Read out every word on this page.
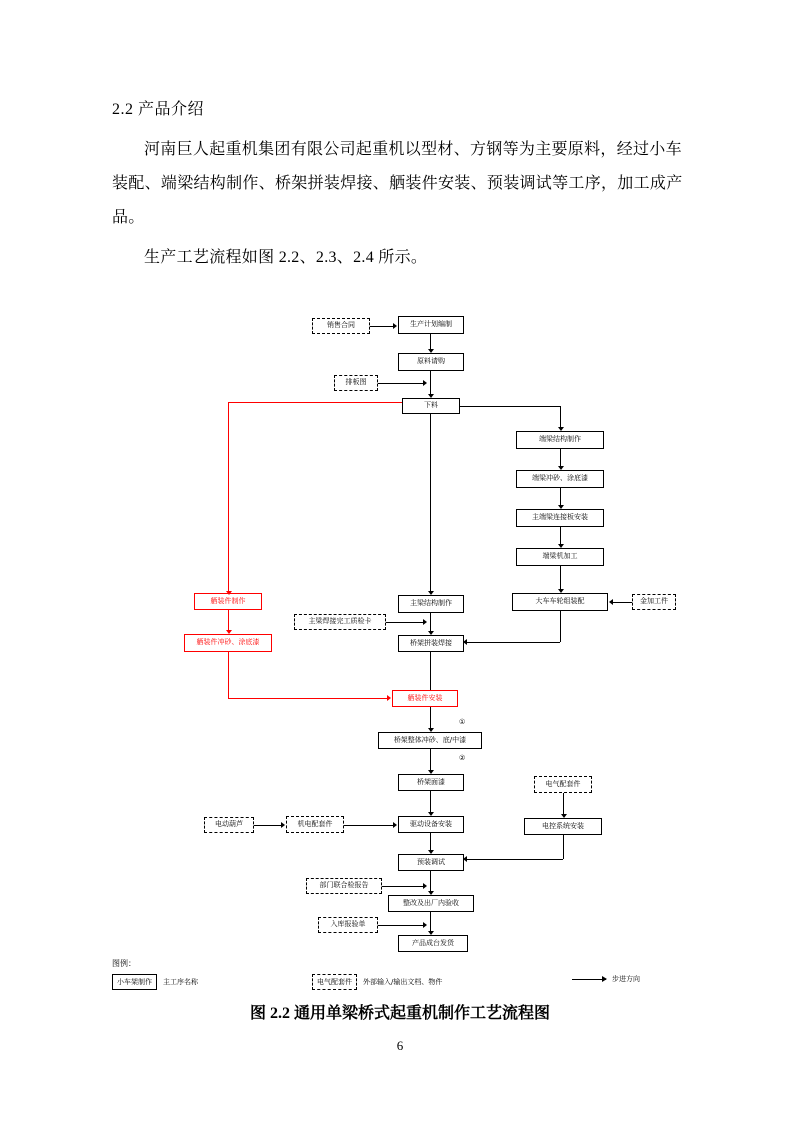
2.2 产品介绍

河南巨人起重机集团有限公司起重机以型材、方钢等为主要原料，经过小车装配、端梁结构制作、桥架拼装焊接、舾装件安装、预装调试等工序，加工成产品。

生产工艺流程如图 2.2、2.3、2.4 所示。

销售合同	生产计划编制
原料请购
排板图
下料
端梁结构制作
端梁冲砂、涂底漆
主端梁连接板安装
端梁机加工
大车车轮组装配	金加工件
主梁结构制作
主梁焊接完工质检卡
桥架拼装焊接
舾装件制作
舾装件冲砂、涂底漆
舾装件安装
①
桥架整体冲砂、底/中漆
②
桥架面漆
驱动设备安装
电动葫芦	机电配套件
电气配套件
电控系统安装
预装调试
部门联合检报告
整改及出厂内验收
入库报验单
产品成台发货
图例：
小车架制作	主工序名称	电气配套件	外部输入/输出文档、物件	步进方向
图 2.2 通用单梁桥式起重机制作工艺流程图
6
